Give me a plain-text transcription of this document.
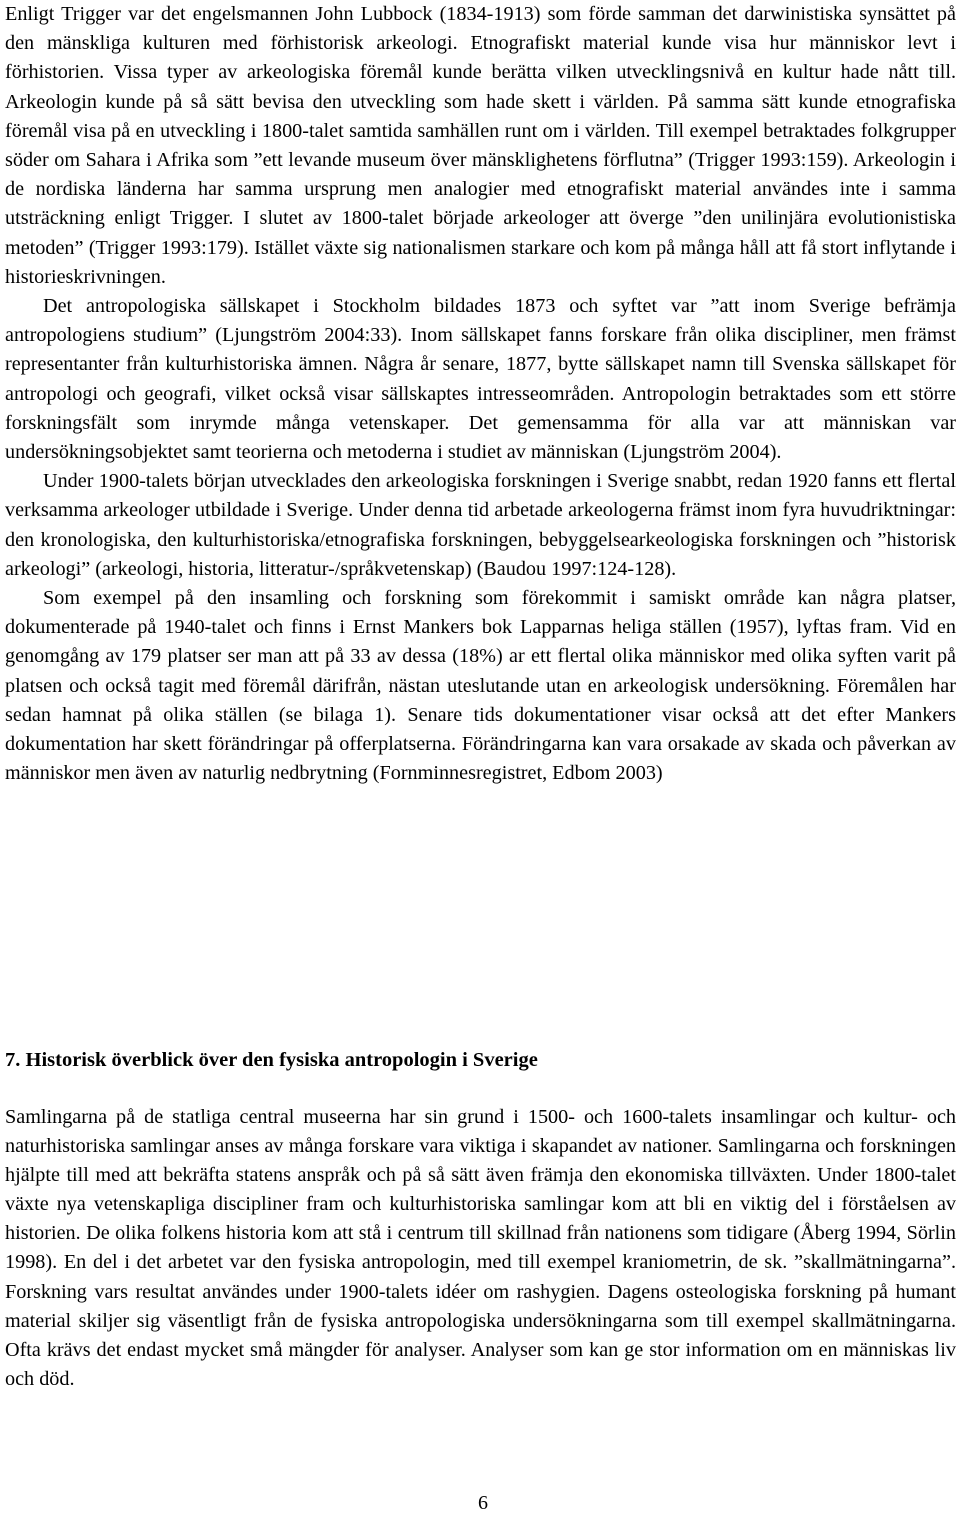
Enligt Trigger var det engelsmannen John Lubbock (1834-1913) som förde samman det darwinistiska synsättet på den mänskliga kulturen med förhistorisk arkeologi. Etnografiskt material kunde visa hur människor levt i förhistorien. Vissa typer av arkeologiska föremål kunde berätta vilken utvecklingsnivå en kultur hade nått till. Arkeologin kunde på så sätt bevisa den utveckling som hade skett i världen. På samma sätt kunde etnografiska föremål visa på en utveckling i 1800-talet samtida samhällen runt om i världen. Till exempel betraktades folkgrupper söder om Sahara i Afrika som ”ett levande museum över mänsklighetens förflutna” (Trigger 1993:159). Arkeologin i de nordiska länderna har samma ursprung men analogier med etnografiskt material användes inte i samma utsträckning enligt Trigger. I slutet av 1800-talet började arkeologer att överge ”den unilinjära evolutionistiska metoden” (Trigger 1993:179). Istället växte sig nationalismen starkare och kom på många håll att få stort inflytande i historieskrivningen.

Det antropologiska sällskapet i Stockholm bildades 1873 och syftet var ”att inom Sverige befrämja antropologiens studium” (Ljungström 2004:33). Inom sällskapet fanns forskare från olika discipliner, men främst representanter från kulturhistoriska ämnen. Några år senare, 1877, bytte sällskapet namn till Svenska sällskapet för antropologi och geografi, vilket också visar sällskaptes intresseområden. Antropologin betraktades som ett större forskningsfält som inrymde många vetenskaper. Det gemensamma för alla var att människan var undersökningsobjektet samt teorierna och metoderna i studiet av människan (Ljungström 2004).

Under 1900-talets början utvecklades den arkeologiska forskningen i Sverige snabbt, redan 1920 fanns ett flertal verksamma arkeologer utbildade i Sverige. Under denna tid arbetade arkeologerna främst inom fyra huvudriktningar: den kronologiska, den kulturhistoriska/etnografiska forskningen, bebyggelsearkeologiska forskningen och ”historisk arkeologi” (arkeologi, historia, litteratur-/språkvetenskap) (Baudou 1997:124-128).

Som exempel på den insamling och forskning som förekommit i samiskt område kan några platser, dokumenterade på 1940-talet och finns i Ernst Mankers bok Lapparnas heliga ställen (1957), lyftas fram. Vid en genomgång av 179 platser ser man att på 33 av dessa (18%) ar ett flertal olika människor med olika syften varit på platsen och också tagit med föremål därifrån, nästan uteslutande utan en arkeologisk undersökning. Föremålen har sedan hamnat på olika ställen (se bilaga 1). Senare tids dokumentationer visar också att det efter Mankers dokumentation har skett förändringar på offerplatserna. Förändringarna kan vara orsakade av skada och påverkan av människor men även av naturlig nedbrytning (Fornminnesregistret, Edbom 2003)

7. Historisk överblick över den fysiska antropologin i Sverige

Samlingarna på de statliga central museerna har sin grund i 1500- och 1600-talets insamlingar och kultur- och naturhistoriska samlingar anses av många forskare vara viktiga i skapandet av nationer. Samlingarna och forskningen hjälpte till med att bekräfta statens anspråk och på så sätt även främja den ekonomiska tillväxten. Under 1800-talet växte nya vetenskapliga discipliner fram och kulturhistoriska samlingar kom att bli en viktig del i förståelsen av historien. De olika folkens historia kom att stå i centrum till skillnad från nationens som tidigare (Åberg 1994, Sörlin 1998). En del i det arbetet var den fysiska antropologin, med till exempel kraniometrin, de sk. ”skallmätningarna”. Forskning vars resultat användes under 1900-talets idéer om rashygien. Dagens osteologiska forskning på humant material skiljer sig väsentligt från de fysiska antropologiska undersökningarna som till exempel skallmätningarna. Ofta krävs det endast mycket små mängder för analyser. Analyser som kan ge stor information om en människas liv och död.

6
